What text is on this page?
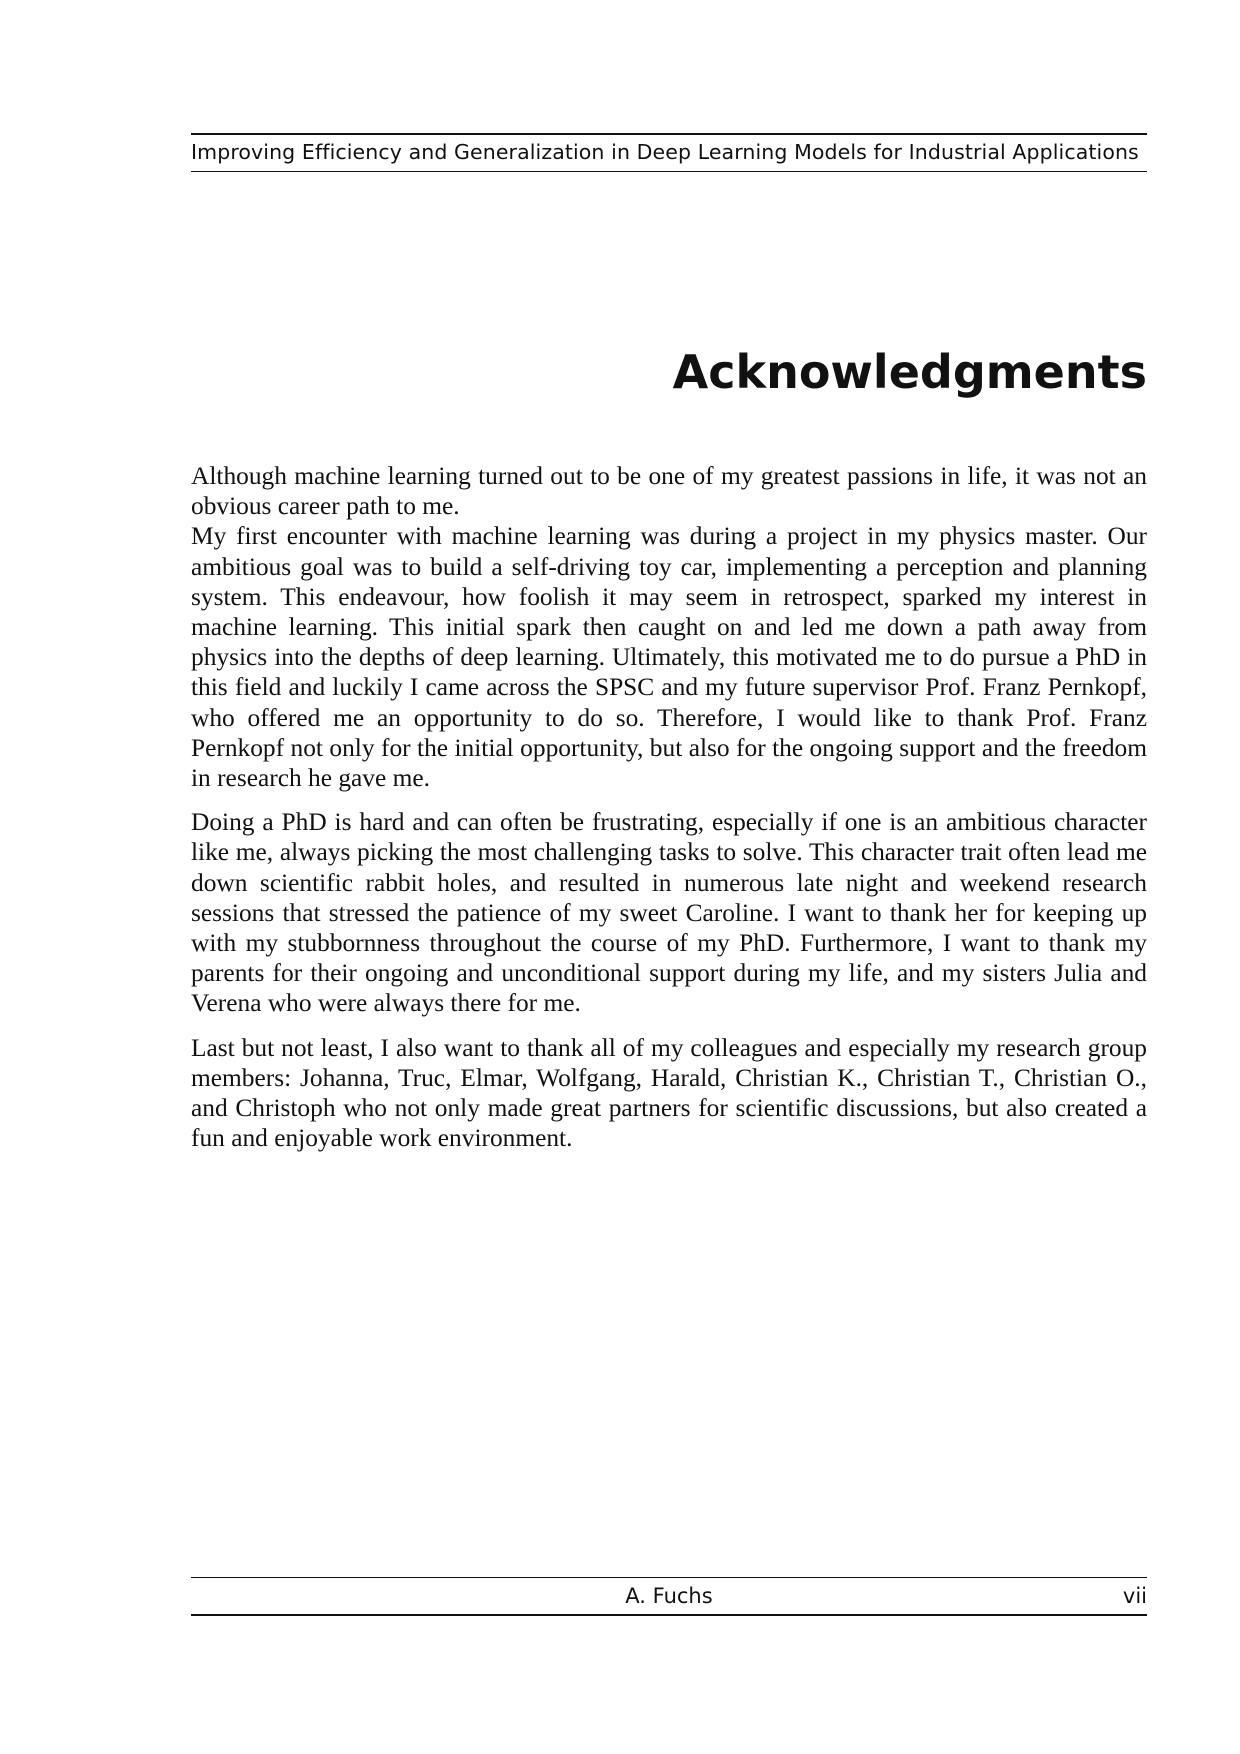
Improving Efficiency and Generalization in Deep Learning Models for Industrial Applications
Acknowledgments

Although machine learning turned out to be one of my greatest passions in life, it was not an obvious career path to me.

My first encounter with machine learning was during a project in my physics master. Our ambitious goal was to build a self-driving toy car, implementing a perception and planning system. This endeavour, how foolish it may seem in retrospect, sparked my interest in machine learning. This initial spark then caught on and led me down a path away from physics into the depths of deep learning. Ultimately, this motivated me to do pursue a PhD in this field and luckily I came across the SPSC and my future supervisor Prof. Franz Pernkopf, who offered me an opportunity to do so. Therefore, I would like to thank Prof. Franz Pernkopf not only for the initial opportunity, but also for the ongoing support and the freedom in research he gave me.

Doing a PhD is hard and can often be frustrating, especially if one is an ambitious character like me, always picking the most challenging tasks to solve. This character trait often lead me down scientific rabbit holes, and resulted in numerous late night and weekend research sessions that stressed the patience of my sweet Caroline. I want to thank her for keeping up with my stubbornness throughout the course of my PhD. Furthermore, I want to thank my parents for their ongoing and unconditional support during my life, and my sisters Julia and Verena who were always there for me.

Last but not least, I also want to thank all of my colleagues and especially my research group members: Johanna, Truc, Elmar, Wolfgang, Harald, Christian K., Christian T., Christian O., and Christoph who not only made great partners for scientific discussions, but also created a fun and enjoyable work environment.

A. Fuchs	vii
